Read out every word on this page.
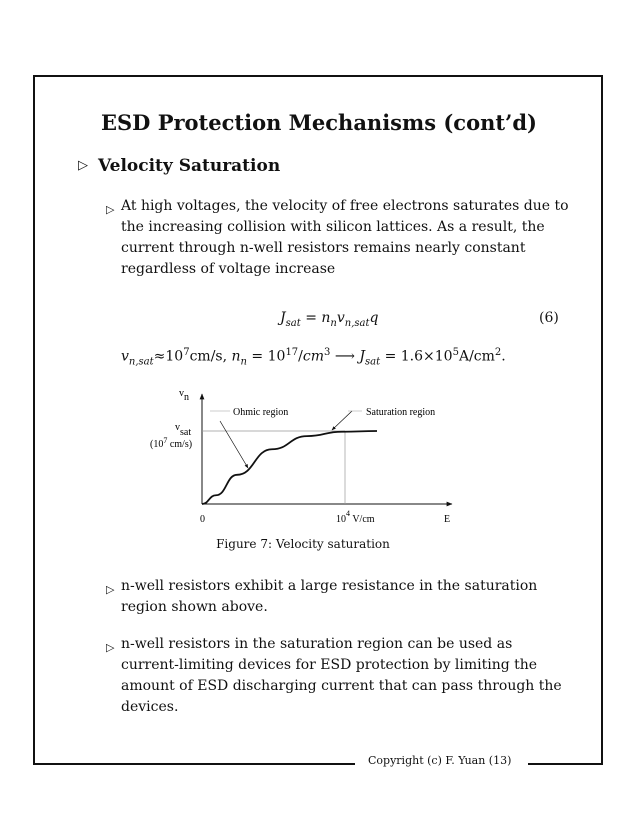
ESD Protection Mechanisms (cont’d)
▷ Velocity Saturation
▷ At high voltages, the velocity of free electrons saturates due to the increasing collision with silicon lattices. As a result, the current through n-well resistors remains nearly constant regardless of voltage increase
$J_{sat} = n_nv_{n,sat}q$	(6)
$v_{n,sat}\approx 10^7cm/s$, $n_n = 10^{17}/cm^3$ ⟶ $J_{sat} = 1.6\times 10^5A/cm^2$.
Ohmic region	Saturation region
vn
E
0
vsat
($10^7$ cm/s)
$10^4$ V/cm
Figure 7: Velocity saturation
▷ n-well resistors exhibit a large resistance in the saturation region shown above.
▷ n-well resistors in the saturation region can be used as current-limiting devices for ESD protection by limiting the amount of ESD discharging current that can pass through the devices.
Copyright (c) F. Yuan (13)
